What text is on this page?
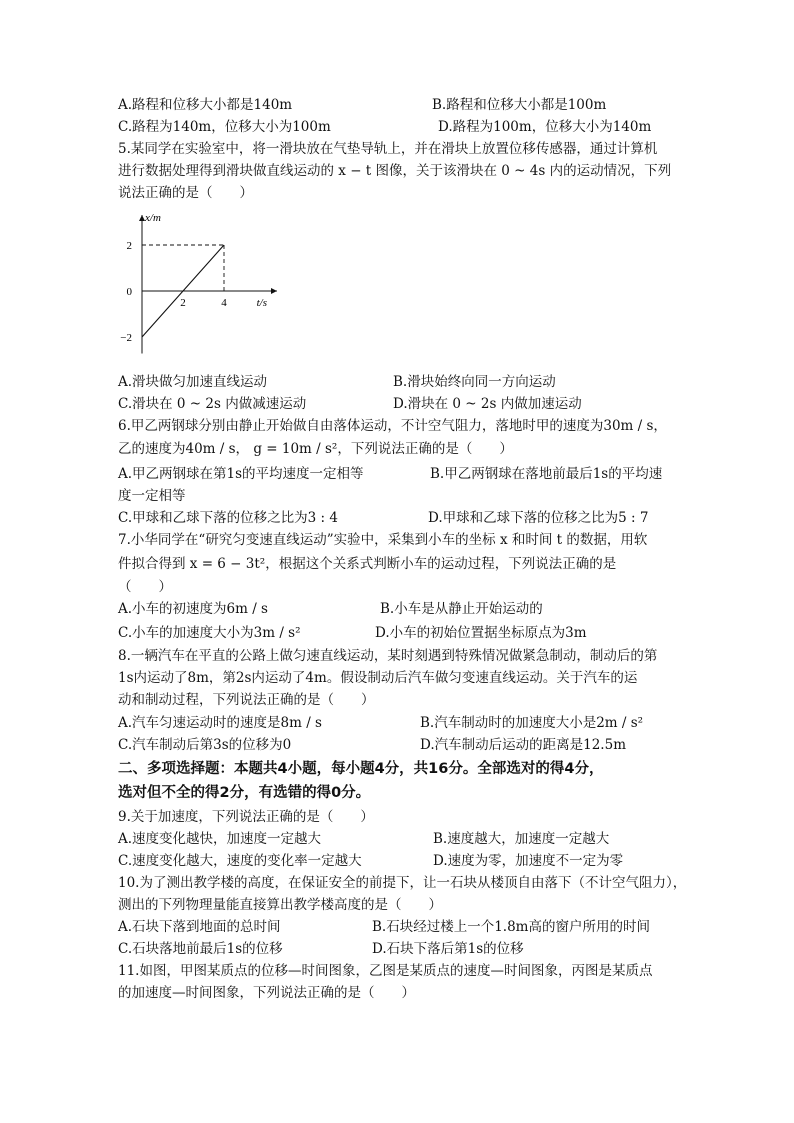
A.路程和位移大小都是140m	B.路程和位移大小都是100m
C.路程为140m，位移大小为100m	D.路程为100m，位移大小为140m
5.某同学在实验室中，将一滑块放在气垫导轨上，并在滑块上放置位移传感器，通过计算机
进行数据处理得到滑块做直线运动的 x − t 图像，关于该滑块在 0 ~ 4s 内的运动情况，下列
说法正确的是（　　）
2	4
2
0
−2
x/m
t/s
A.滑块做匀加速直线运动	B.滑块始终向同一方向运动
C.滑块在 0 ~ 2s 内做减速运动	D.滑块在 0 ~ 2s 内做加速运动
6.甲乙两钢球分别由静止开始做自由落体运动，不计空气阻力，落地时甲的速度为30m / s，
乙的速度为40m / s， g = 10m / s²，下列说法正确的是（　　）
A.甲乙两钢球在第1s的平均速度一定相等	B.甲乙两钢球在落地前最后1s的平均速
度一定相等
C.甲球和乙球下落的位移之比为3 : 4	D.甲球和乙球下落的位移之比为5 : 7
7.小华同学在“研究匀变速直线运动”实验中，采集到小车的坐标 x 和时间 t 的数据，用软
件拟合得到 x = 6 − 3t²，根据这个关系式判断小车的运动过程，下列说法正确的是
（　　）
A.小车的初速度为6m / s	B.小车是从静止开始运动的
C.小车的加速度大小为3m / s²	D.小车的初始位置据坐标原点为3m
8.一辆汽车在平直的公路上做匀速直线运动，某时刻遇到特殊情况做紧急制动，制动后的第
1s内运动了8m，第2s内运动了4m。假设制动后汽车做匀变速直线运动。关于汽车的运
动和制动过程，下列说法正确的是（　　）
A.汽车匀速运动时的速度是8m / s	B.汽车制动时的加速度大小是2m / s²
C.汽车制动后第3s的位移为0	D.汽车制动后运动的距离是12.5m
二、多项选择题：本题共4小题，每小题4分，共16分。全部选对的得4分，
选对但不全的得2分，有选错的得0分。
9.关于加速度，下列说法正确的是（　　）
A.速度变化越快，加速度一定越大	B.速度越大，加速度一定越大
C.速度变化越大，速度的变化率一定越大	D.速度为零，加速度不一定为零
10.为了测出教学楼的高度，在保证安全的前提下，让一石块从楼顶自由落下（不计空气阻力），
测出的下列物理量能直接算出教学楼高度的是（　　）
A.石块下落到地面的总时间	B.石块经过楼上一个1.8m高的窗户所用的时间
C.石块落地前最后1s的位移	D.石块下落后第1s的位移
11.如图，甲图某质点的位移—时间图象，乙图是某质点的速度—时间图象，丙图是某质点
的加速度—时间图象，下列说法正确的是（　　）
